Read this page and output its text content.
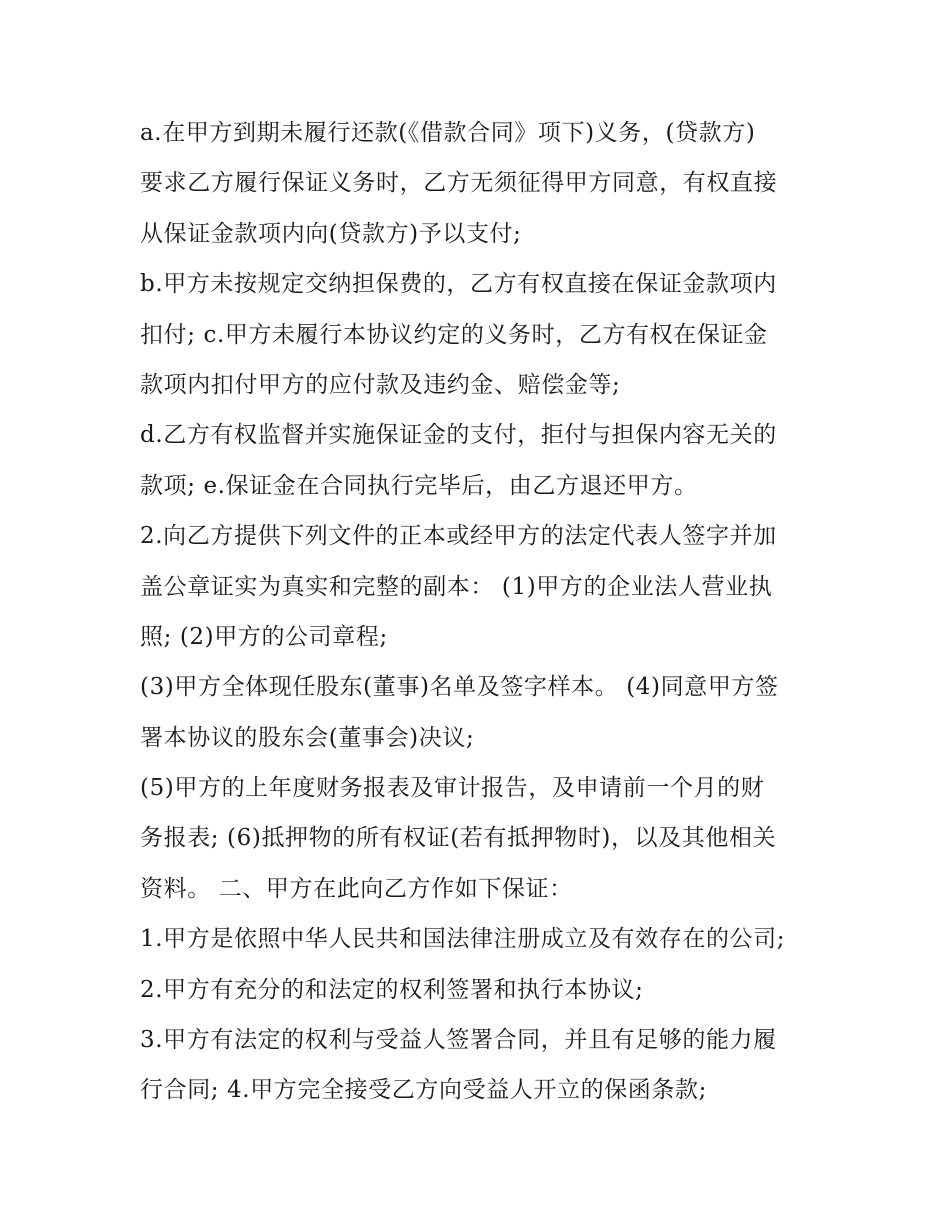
a.在甲方到期未履行还款(《借款合同》项下)义务，(贷款方)
要求乙方履行保证义务时，乙方无须征得甲方同意，有权直接
从保证金款项内向(贷款方)予以支付;
b.甲方未按规定交纳担保费的，乙方有权直接在保证金款项内
扣付; c.甲方未履行本协议约定的义务时，乙方有权在保证金
款项内扣付甲方的应付款及违约金、赔偿金等;
d.乙方有权监督并实施保证金的支付，拒付与担保内容无关的
款项; e.保证金在合同执行完毕后，由乙方退还甲方。
2.向乙方提供下列文件的正本或经甲方的法定代表人签字并加
盖公章证实为真实和完整的副本： (1)甲方的企业法人营业执
照; (2)甲方的公司章程;
(3)甲方全体现任股东(董事)名单及签字样本。 (4)同意甲方签
署本协议的股东会(董事会)决议;
(5)甲方的上年度财务报表及审计报告，及申请前一个月的财
务报表; (6)抵押物的所有权证(若有抵押物时)，以及其他相关
资料。 二、甲方在此向乙方作如下保证：
1.甲方是依照中华人民共和国法律注册成立及有效存在的公司;
2.甲方有充分的和法定的权利签署和执行本协议;
3.甲方有法定的权利与受益人签署合同，并且有足够的能力履
行合同; 4.甲方完全接受乙方向受益人开立的保函条款;
